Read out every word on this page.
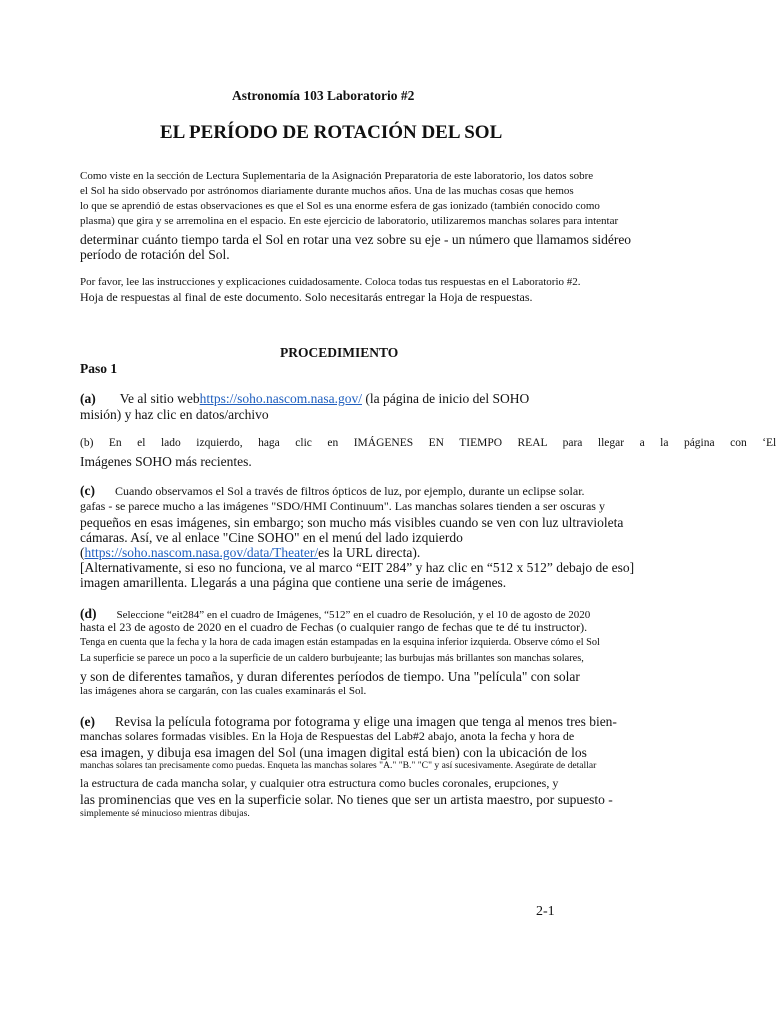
Astronomía 103 Laboratorio #2
EL PERÍODO DE ROTACIÓN DEL SOL
Como viste en la sección de Lectura Suplementaria de la Asignación Preparatoria de este laboratorio, los datos sobre
el Sol ha sido observado por astrónomos diariamente durante muchos años. Una de las muchas cosas que hemos
lo que se aprendió de estas observaciones es que el Sol es una enorme esfera de gas ionizado (también conocido como
plasma) que gira y se arremolina en el espacio. En este ejercicio de laboratorio, utilizaremos manchas solares para intentar
determinar cuánto tiempo tarda el Sol en rotar una vez sobre su eje - un número que llamamos sidéreo
período de rotación del Sol.
Por favor, lee las instrucciones y explicaciones cuidadosamente. Coloca todas tus respuestas en el Laboratorio #2.
Hoja de respuestas al final de este documento. Solo necesitarás entregar la Hoja de respuestas.
PROCEDIMIENTO
Paso 1
(a) Ve al sitio webhttps://soho.nascom.nasa.gov/ (la página de inicio del SOHO
misión) y haz clic en datos/archivo
(b) En el lado izquierdo, haga clic en IMÁGENES EN TIEMPO REAL para llegar a la página con ‘El
Imágenes SOHO más recientes.
(c) Cuando observamos el Sol a través de filtros ópticos de luz, por ejemplo, durante un eclipse solar.
gafas - se parece mucho a las imágenes "SDO/HMI Continuum". Las manchas solares tienden a ser oscuras y
pequeños en esas imágenes, sin embargo; son mucho más visibles cuando se ven con luz ultravioleta
cámaras. Así, ve al enlace "Cine SOHO" en el menú del lado izquierdo
(https://soho.nascom.nasa.gov/data/Theater/es la URL directa).
[Alternativamente, si eso no funciona, ve al marco “EIT 284” y haz clic en “512 x 512” debajo de eso]
imagen amarillenta. Llegarás a una página que contiene una serie de imágenes.
(d) Seleccione “eit284” en el cuadro de Imágenes, “512” en el cuadro de Resolución, y el 10 de agosto de 2020
hasta el 23 de agosto de 2020 en el cuadro de Fechas (o cualquier rango de fechas que te dé tu instructor).
Tenga en cuenta que la fecha y la hora de cada imagen están estampadas en la esquina inferior izquierda. Observe cómo el Sol
La superficie se parece un poco a la superficie de un caldero burbujeante; las burbujas más brillantes son manchas solares,
y son de diferentes tamaños, y duran diferentes períodos de tiempo. Una "película" con solar
las imágenes ahora se cargarán, con las cuales examinarás el Sol.
(e) Revisa la película fotograma por fotograma y elige una imagen que tenga al menos tres bien-
manchas solares formadas visibles. En la Hoja de Respuestas del Lab#2 abajo, anota la fecha y hora de
esa imagen, y dibuja esa imagen del Sol (una imagen digital está bien) con la ubicación de los
manchas solares tan precisamente como puedas. Enqueta las manchas solares "A." "B." "C" y así sucesivamente. Asegúrate de detallar
la estructura de cada mancha solar, y cualquier otra estructura como bucles coronales, erupciones, y
las prominencias que ves en la superficie solar. No tienes que ser un artista maestro, por supuesto -
simplemente sé minucioso mientras dibujas.
2-1
